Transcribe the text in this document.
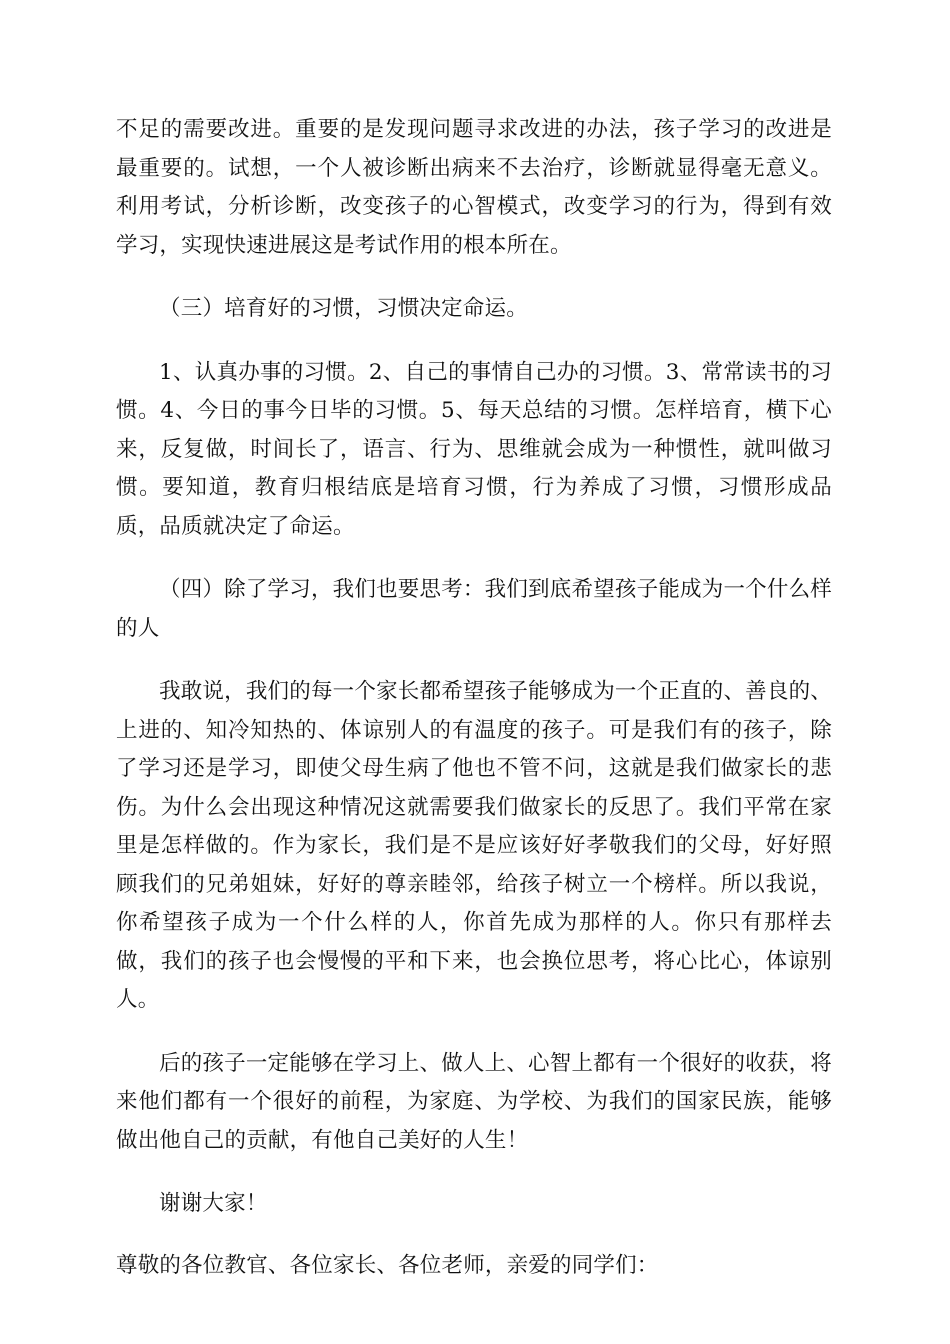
不足的需要改进。重要的是发现问题寻求改进的办法，孩子学习的改进是最重要的。试想，一个人被诊断出病来不去治疗，诊断就显得毫无意义。利用考试，分析诊断，改变孩子的心智模式，改变学习的行为，得到有效学习，实现快速进展这是考试作用的根本所在。

（三）培育好的习惯，习惯决定命运。

1、认真办事的习惯。2、自己的事情自己办的习惯。3、常常读书的习惯。4、今日的事今日毕的习惯。5、每天总结的习惯。怎样培育，横下心来，反复做，时间长了，语言、行为、思维就会成为一种惯性，就叫做习惯。要知道，教育归根结底是培育习惯，行为养成了习惯，习惯形成品质，品质就决定了命运。

（四）除了学习，我们也要思考：我们到底希望孩子能成为一个什么样的人

我敢说，我们的每一个家长都希望孩子能够成为一个正直的、善良的、上进的、知冷知热的、体谅别人的有温度的孩子。可是我们有的孩子，除了学习还是学习，即使父母生病了他也不管不问，这就是我们做家长的悲伤。为什么会出现这种情况这就需要我们做家长的反思了。我们平常在家里是怎样做的。作为家长，我们是不是应该好好孝敬我们的父母，好好照顾我们的兄弟姐妹，好好的尊亲睦邻，给孩子树立一个榜样。所以我说，你希望孩子成为一个什么样的人，你首先成为那样的人。你只有那样去做，我们的孩子也会慢慢的平和下来，也会换位思考，将心比心，体谅别人。

后的孩子一定能够在学习上、做人上、心智上都有一个很好的收获，将来他们都有一个很好的前程，为家庭、为学校、为我们的国家民族，能够做出他自己的贡献，有他自己美好的人生！

谢谢大家！

尊敬的各位教官、各位家长、各位老师，亲爱的同学们：
